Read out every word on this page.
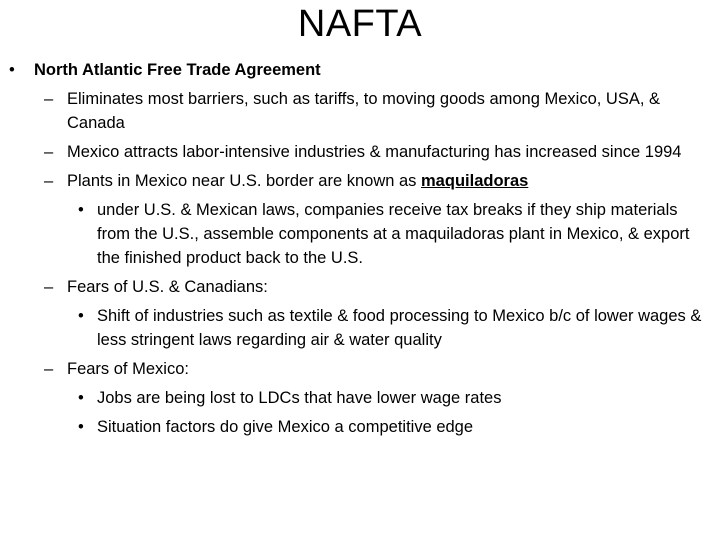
NAFTA
• North Atlantic Free Trade Agreement
– Eliminates most barriers, such as tariffs, to moving goods among Mexico, USA, & Canada
– Mexico attracts labor-intensive industries & manufacturing has increased since 1994
– Plants in Mexico near U.S. border are known as maquiladoras
• under U.S. & Mexican laws, companies receive tax breaks if they ship materials from the U.S., assemble components at a maquiladoras plant in Mexico, & export the finished product back to the U.S.
– Fears of U.S. & Canadians:
• Shift of industries such as textile & food processing to Mexico b/c of lower wages & less stringent laws regarding air & water quality
– Fears of Mexico:
• Jobs are being lost to LDCs that have lower wage rates
• Situation factors do give Mexico a competitive edge
